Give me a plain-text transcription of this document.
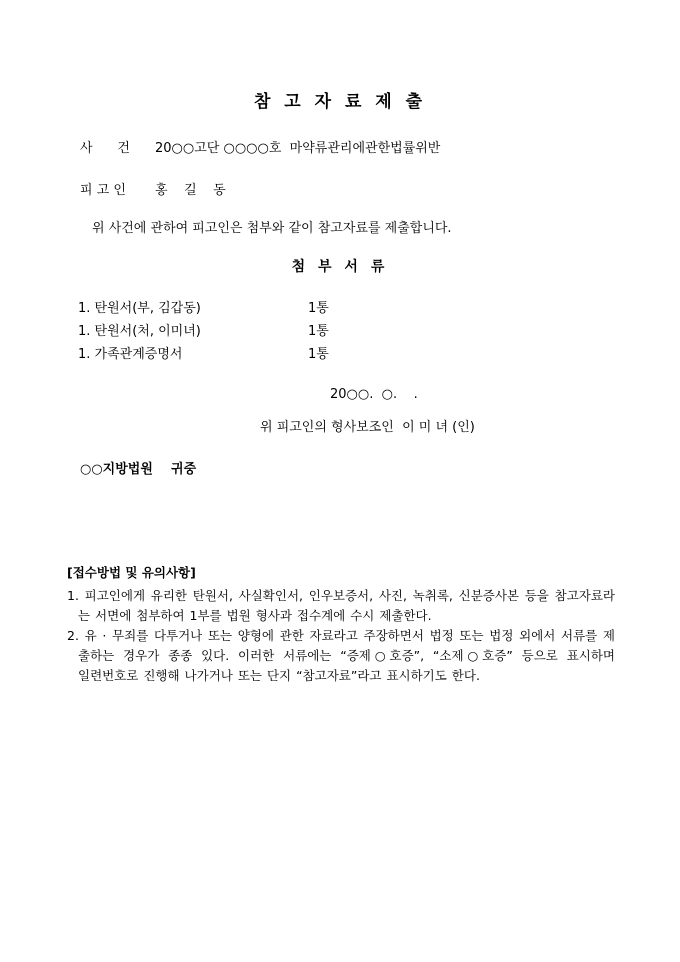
참 고 자 료 제 출
사      건 20○○고단 ○○○○호  마약류관리에관한법률위반
피 고 인 홍    길    동
위 사건에 관하여 피고인은 첨부와 같이 참고자료를 제출합니다.
첨 부 서 류
1. 탄원서(부, 김갑동)	1통
1. 탄원서(처, 이미녀)	1통
1. 가족관계증명서	1통
20○○.  ○.    .
위 피고인의 형사보조인  이 미 녀 (인)
○○지방법원    귀중
[접수방법 및 유의사항]
1. 피고인에게 유리한 탄원서, 사실확인서, 인우보증서, 사진, 녹취록, 신분증사본 등을 참고자료라
는 서면에 첨부하여 1부를 법원 형사과 접수계에 수시 제출한다.
2. 유 · 무죄를 다투거나 또는 양형에 관한 자료라고 주장하면서 법정 또는 법정 외에서 서류를 제
출하는 경우가 종종 있다. 이러한 서류에는 “증제○호증”, “소제○호증” 등으로 표시하며
일련번호로 진행해 나가거나 또는 단지 “참고자료”라고 표시하기도 한다.
